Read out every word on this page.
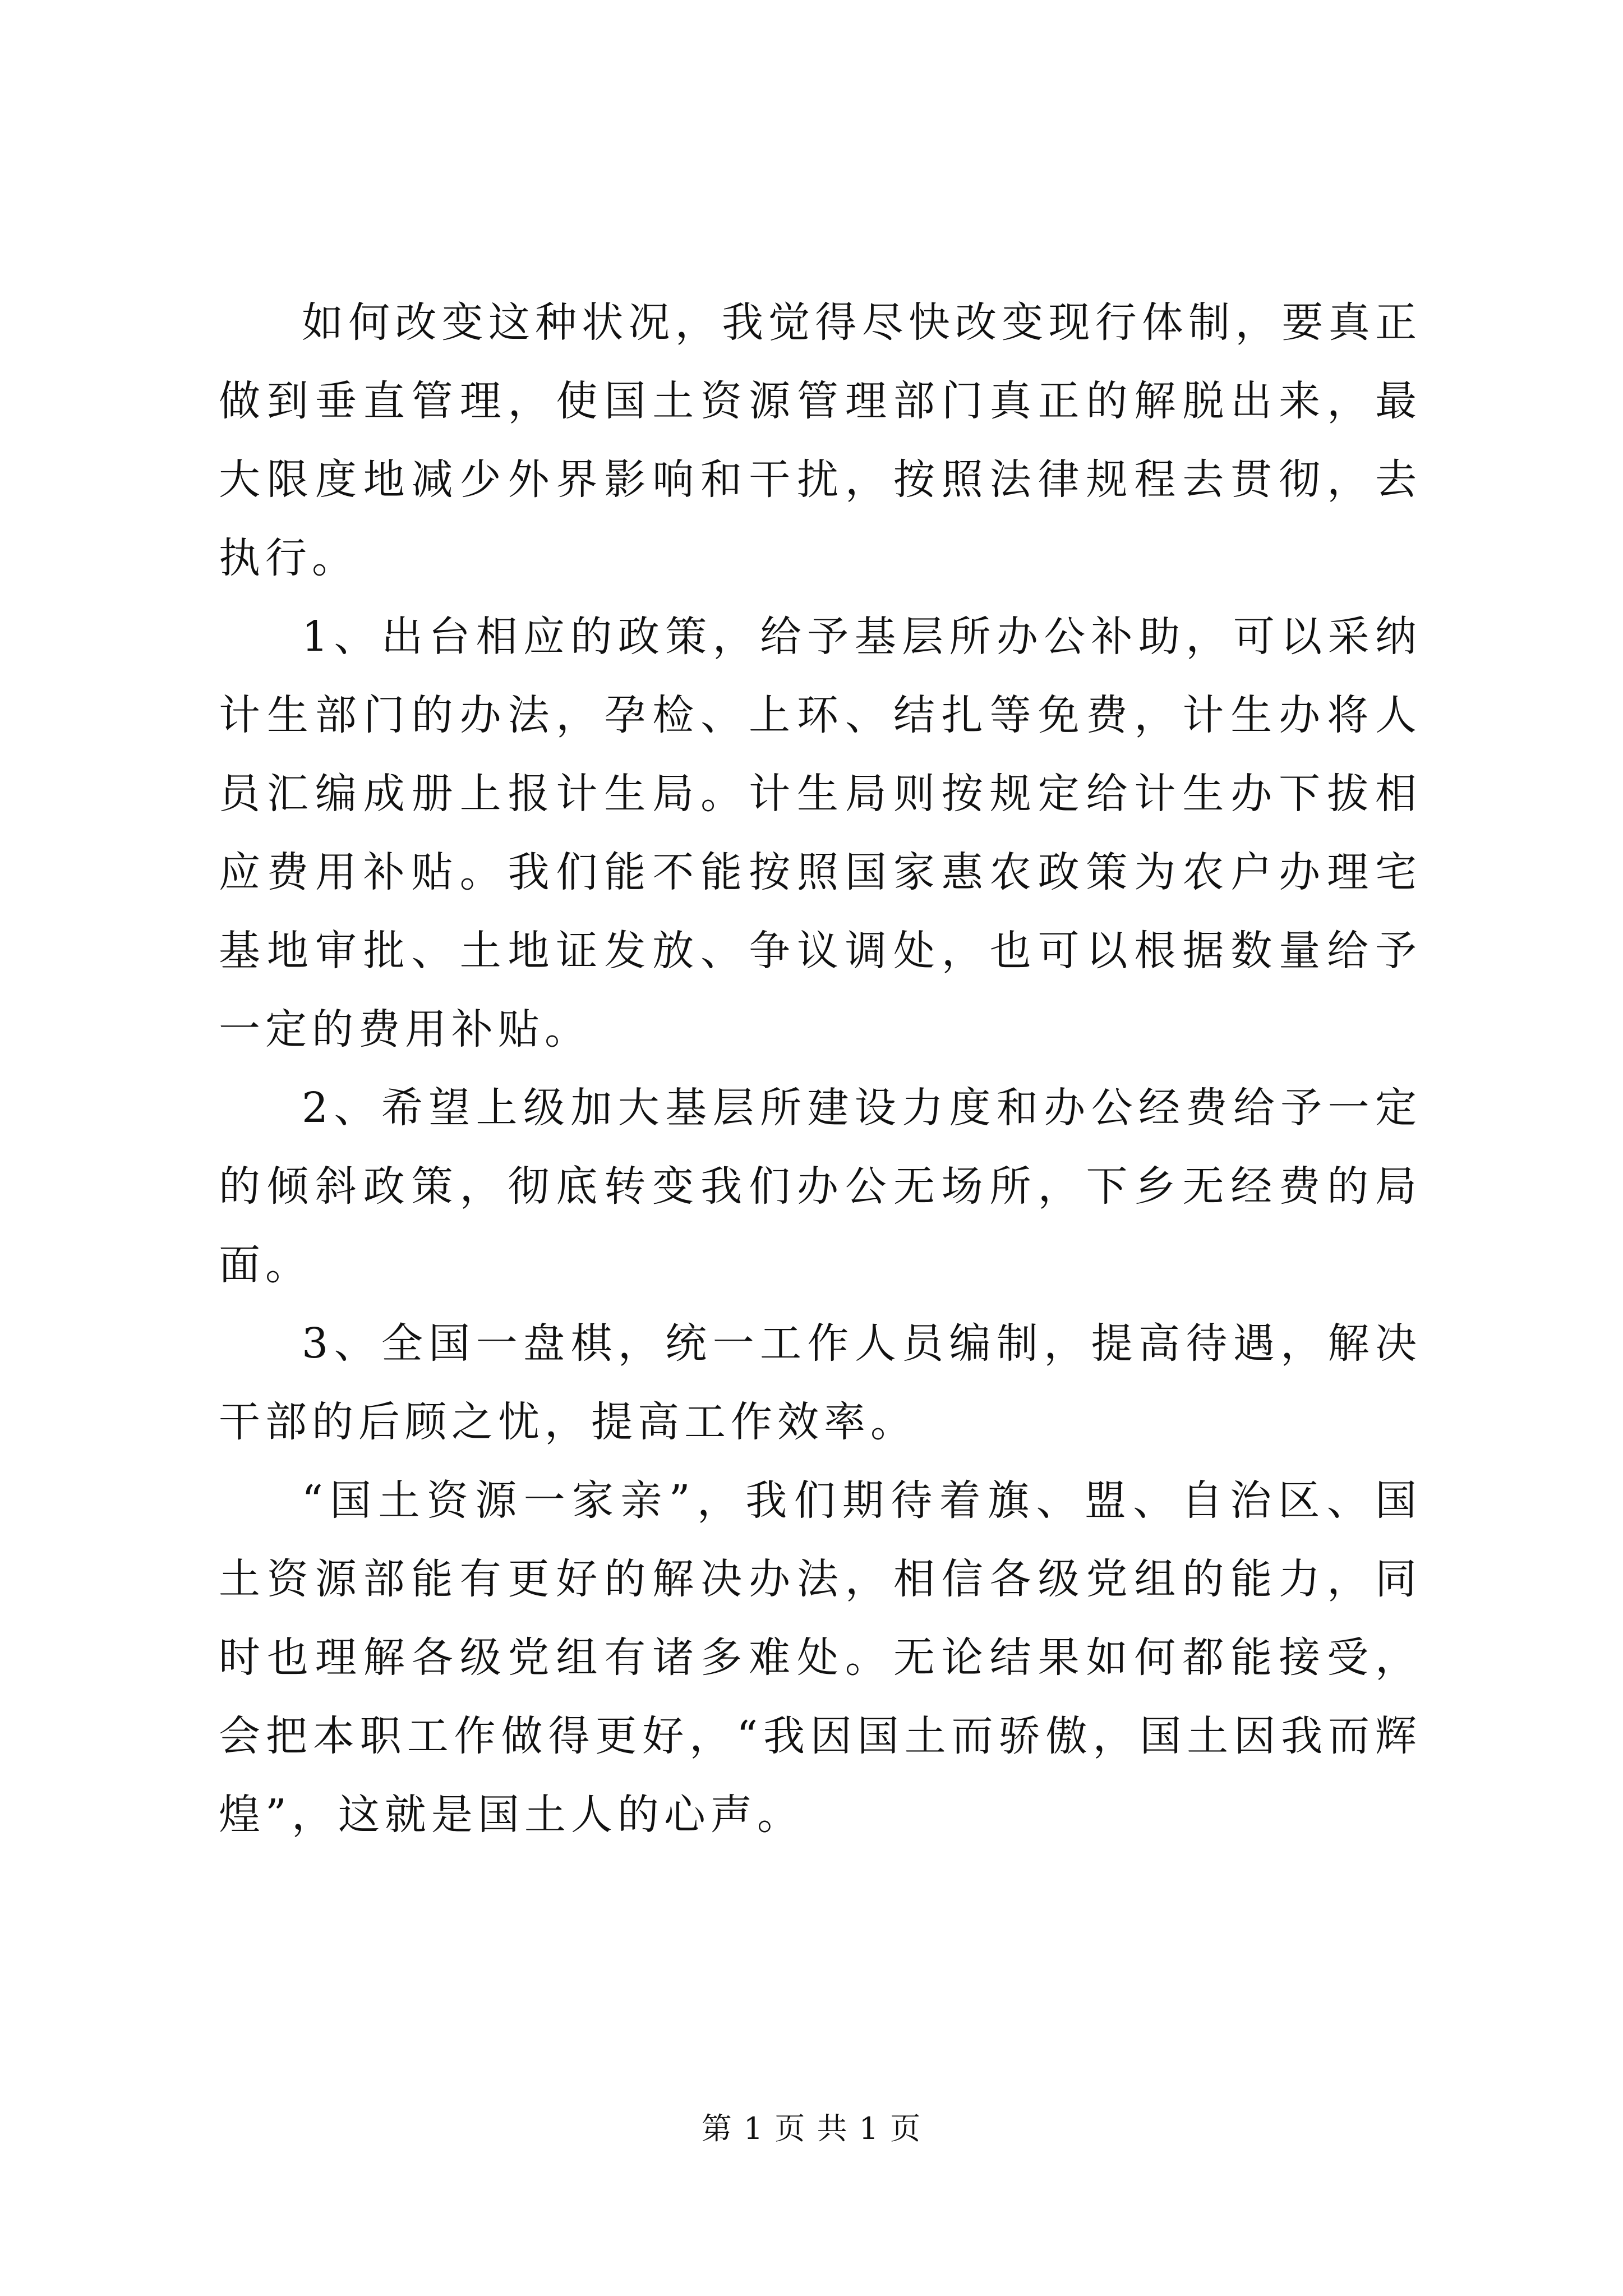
如何改变这种状况，我觉得尽快改变现行体制，要真正做到垂直管理，使国土资源管理部门真正的解脱出来，最大限度地减少外界影响和干扰，按照法律规程去贯彻，去执行。

1、出台相应的政策，给予基层所办公补助，可以采纳计生部门的办法，孕检、上环、结扎等免费，计生办将人员汇编成册上报计生局。计生局则按规定给计生办下拔相应费用补贴。我们能不能按照国家惠农政策为农户办理宅基地审批、土地证发放、争议调处，也可以根据数量给予一定的费用补贴。

2、希望上级加大基层所建设力度和办公经费给予一定的倾斜政策，彻底转变我们办公无场所，下乡无经费的局面。

3、全国一盘棋，统一工作人员编制，提高待遇，解决干部的后顾之忧，提高工作效率。

“国土资源一家亲”，我们期待着旗、盟、自治区、国土资源部能有更好的解决办法，相信各级党组的能力，同时也理解各级党组有诸多难处。无论结果如何都能接受，会把本职工作做得更好，“我因国土而骄傲，国土因我而辉煌”，这就是国土人的心声。

第 1 页 共 1 页
